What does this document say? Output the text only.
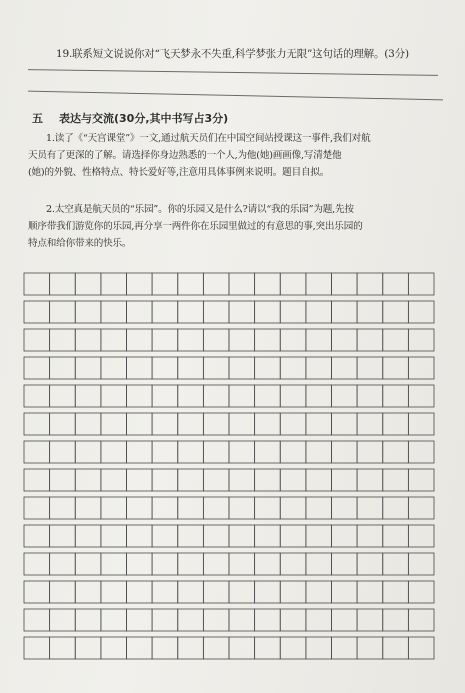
19.联系短文说说你对“飞天梦永不失重,科学梦张力无限”这句话的理解。(3分)
五 表达与交流(30分,其中书写占3分)
1.读了《“天宫课堂”》一文,通过航天员们在中国空间站授课这一事件,我们对航
天员有了更深的了解。请选择你身边熟悉的一个人,为他(她)画画像,写清楚他
(她)的外貌、性格特点、特长爱好等,注意用具体事例来说明。题目自拟。
2.太空真是航天员的“乐园”。你的乐园又是什么?请以“我的乐园”为题,先按
顺序带我们游览你的乐园,再分享一两件你在乐园里做过的有意思的事,突出乐园的
特点和给你带来的快乐。
